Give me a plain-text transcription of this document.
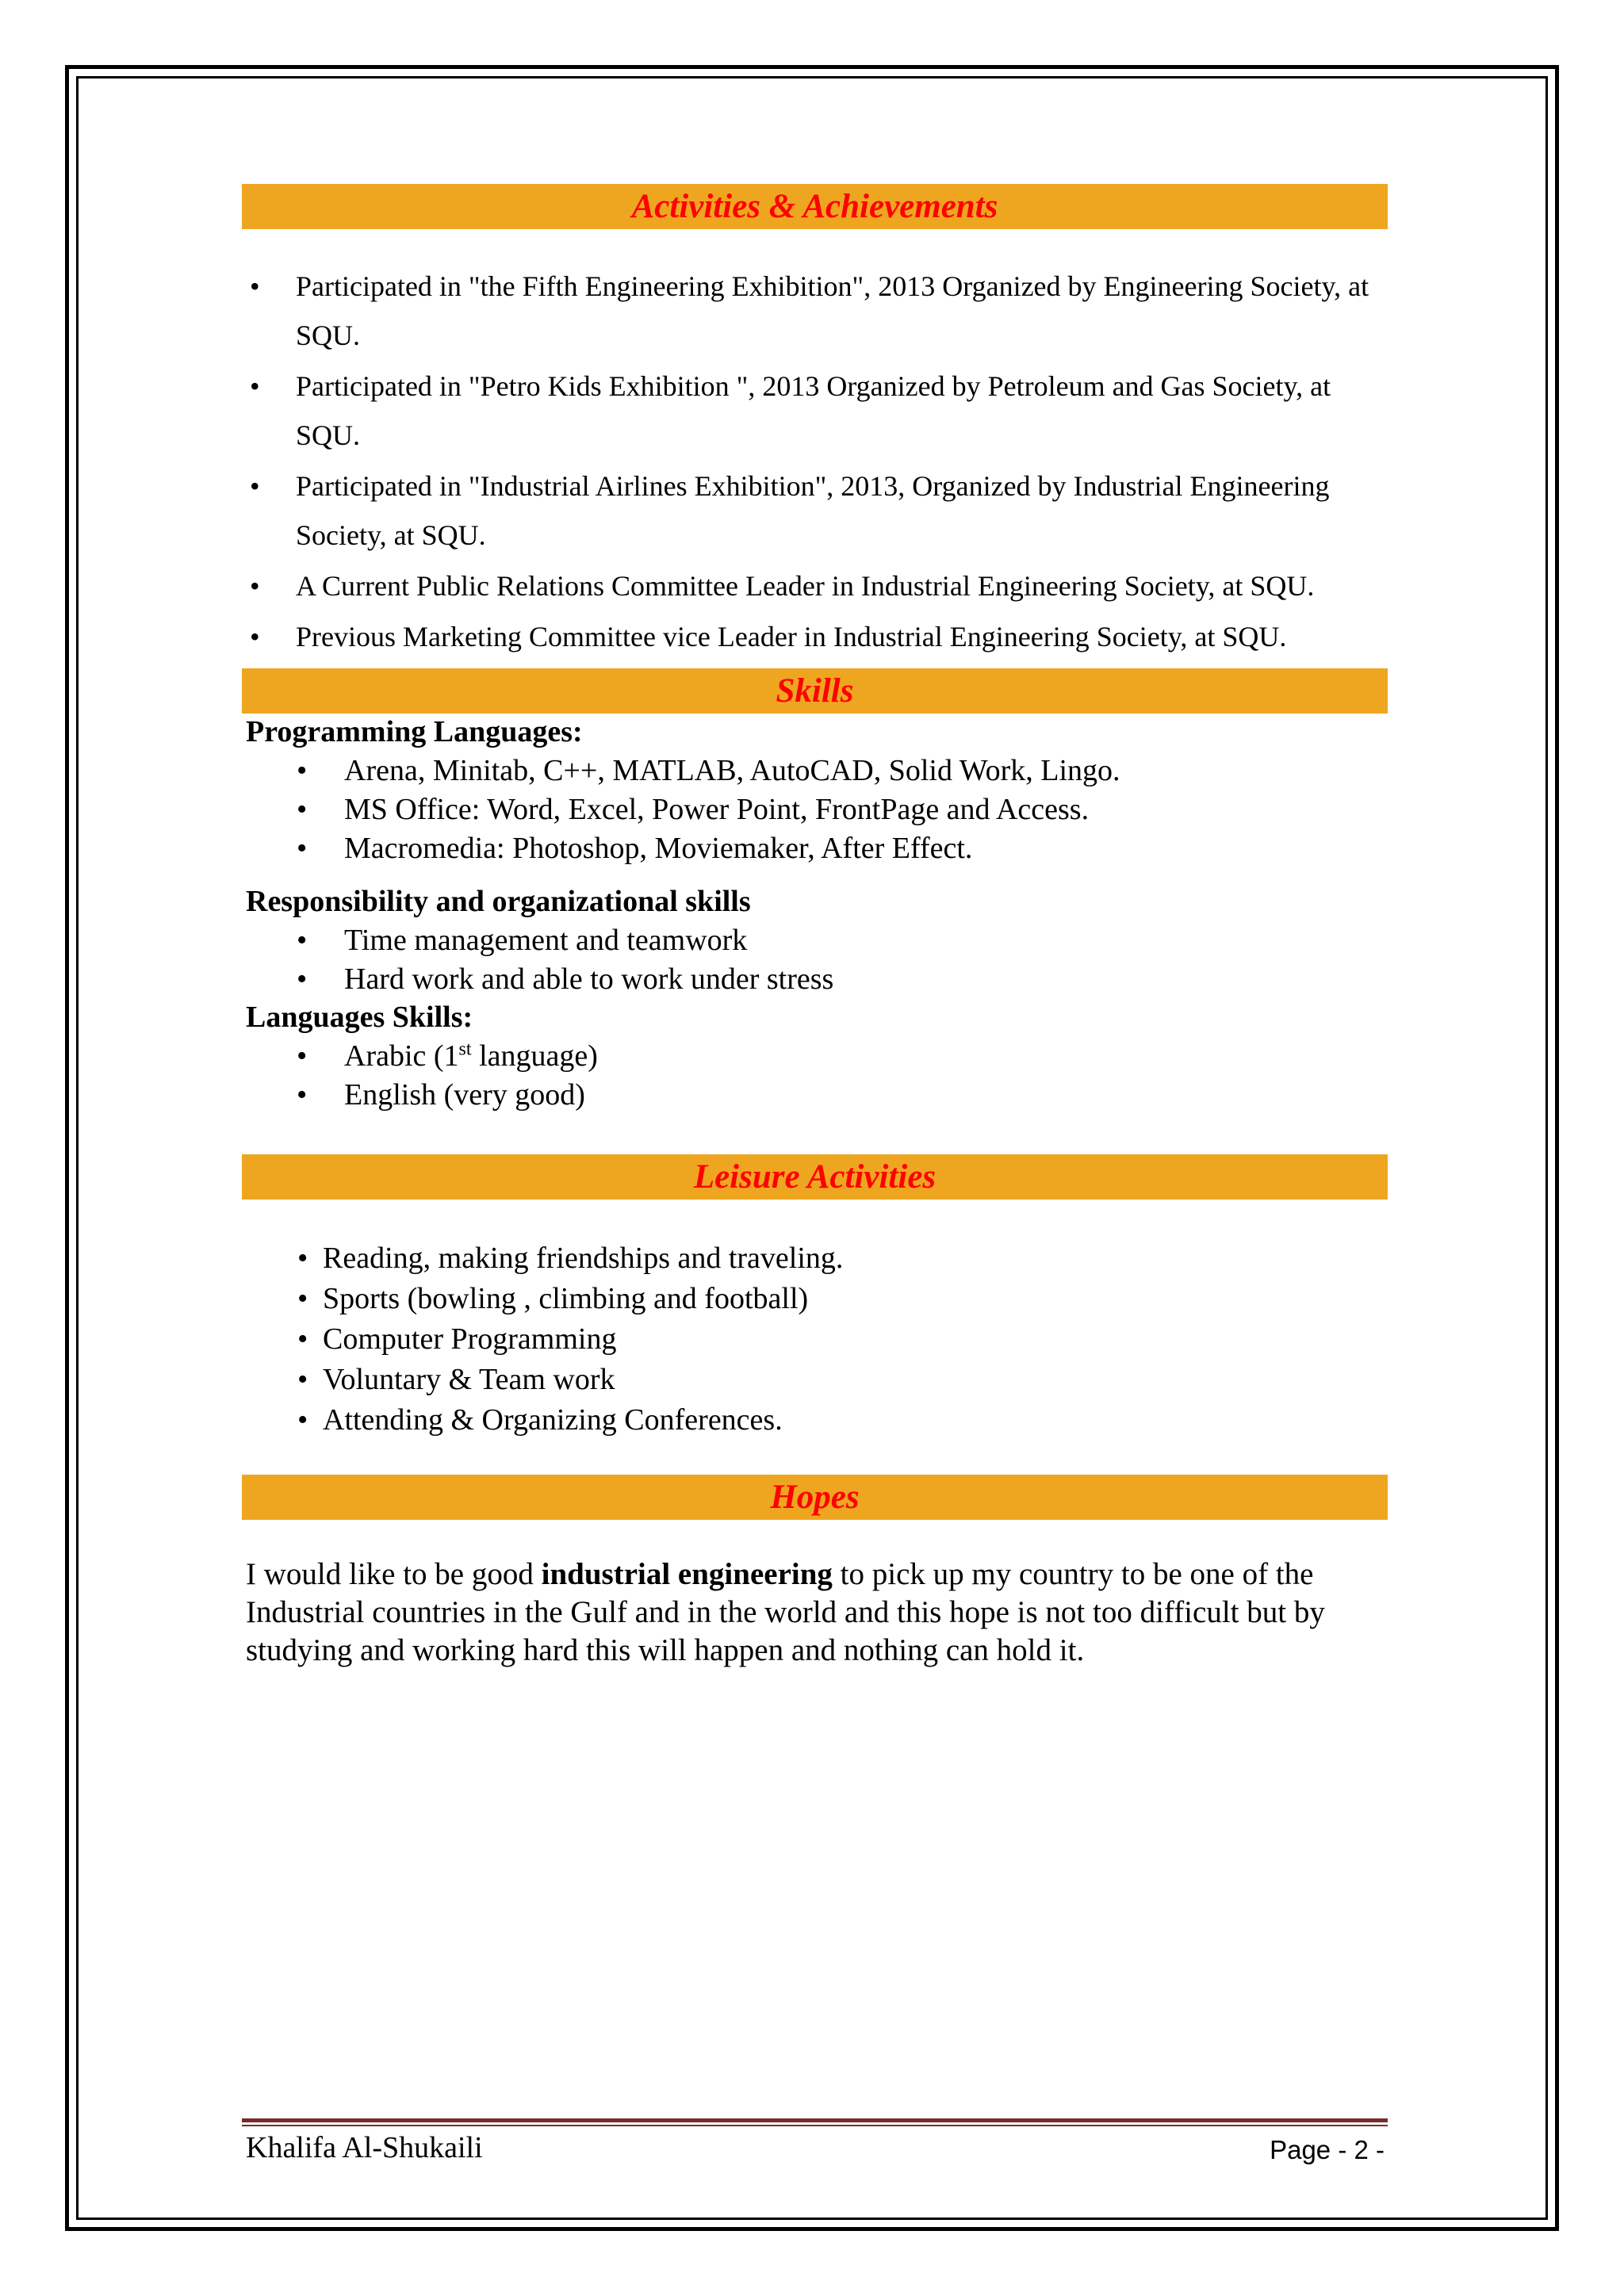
Activities & Achievements
• Participated in "the Fifth Engineering Exhibition", 2013 Organized by Engineering Society, at SQU.
• Participated in "Petro Kids Exhibition ", 2013 Organized by Petroleum and Gas Society, at SQU.
• Participated in "Industrial Airlines Exhibition", 2013, Organized by Industrial Engineering Society, at SQU.
• A Current Public Relations Committee Leader in Industrial Engineering Society, at SQU.
• Previous Marketing Committee vice Leader in Industrial Engineering Society, at SQU.
Skills
Programming Languages:
• Arena, Minitab, C++, MATLAB, AutoCAD, Solid Work, Lingo.
• MS Office: Word, Excel, Power Point, FrontPage and Access.
• Macromedia: Photoshop, Moviemaker, After Effect.
Responsibility and organizational skills
• Time management and teamwork
• Hard work and able to work under stress
Languages Skills:
• Arabic (1st language)
• English (very good)
Leisure Activities
• Reading, making friendships and traveling.
• Sports (bowling , climbing and football)
• Computer Programming
• Voluntary & Team work
• Attending & Organizing Conferences.
Hopes

I would like to be good industrial engineering to pick up my country to be one of the Industrial countries in the Gulf and in the world and this hope is not too difficult but by studying and working hard this will happen and nothing can hold it.

Khalifa Al-Shukaili	Page - 2 -
